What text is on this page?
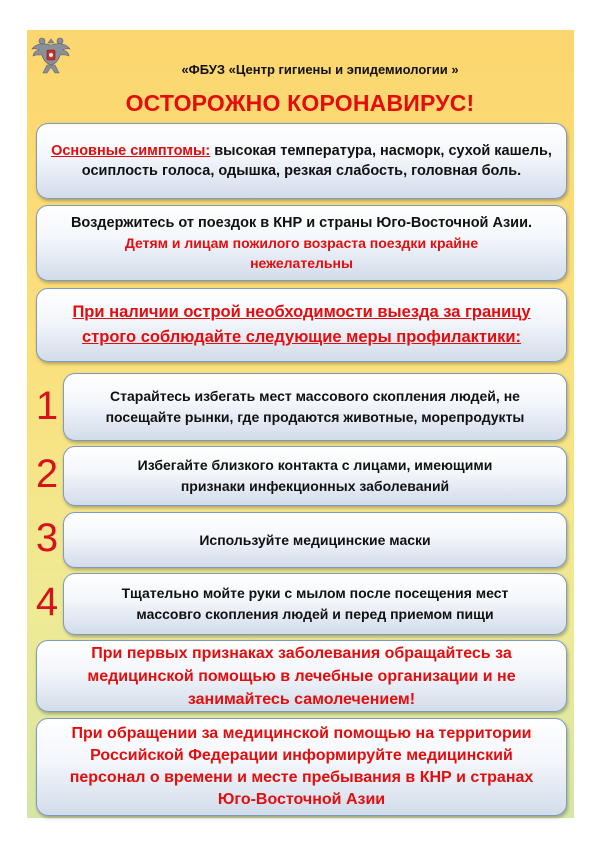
«ФБУЗ «Центр гигиены и эпидемиологии »
ОСТОРОЖНО КОРОНАВИРУС!

Основные симптомы: высокая температура, насморк, сухой кашель, осиплость голоса, одышка, резкая слабость, головная боль.

Воздержитесь от поездок в КНР и страны Юго-Восточной Азии.

Детям и лицам пожилого возраста поездки крайне нежелательны

При наличии острой необходимости выезда за границу строго соблюдайте следующие меры профилактики:

1	Старайтесь избегать мест массового скопления людей, не посещайте рынки, где продаются животные, морепродукты

2	Избегайте близкого контакта с лицами, имеющими признаки инфекционных заболеваний

3	Используйте медицинские маски

4	Тщательно мойте руки с мылом после посещения мест массовго скопления людей и перед приемом пищи

При первых признаках заболевания обращайтесь за медицинской помощью в лечебные организации и не занимайтесь самолечением!

При обращении за медицинской помощью на территории Российской Федерации информируйте медицинский персонал о времени и месте пребывания в КНР и странах Юго-Восточной Азии
